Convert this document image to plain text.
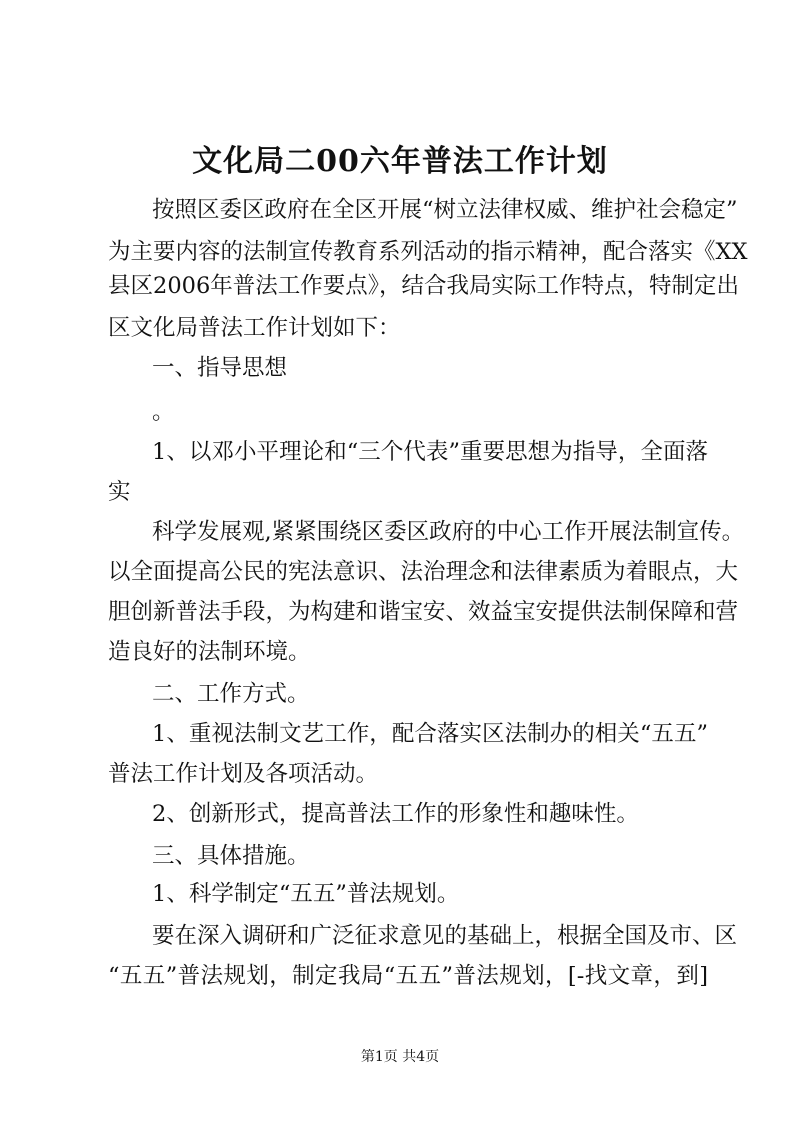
文化局二00六年普法工作计划
按照区委区政府在全区开展“树立法律权威、维护社会稳定”
为主要内容的法制宣传教育系列活动的指示精神，配合落实《XX
县区2006年普法工作要点》，结合我局实际工作特点，特制定出
区文化局普法工作计划如下：
一、指导思想
。
1、以邓小平理论和“三个代表”重要思想为指导，全面落
实
科学发展观,紧紧围绕区委区政府的中心工作开展法制宣传。
以全面提高公民的宪法意识、法治理念和法律素质为着眼点，大
胆创新普法手段，为构建和谐宝安、效益宝安提供法制保障和营
造良好的法制环境。
二、工作方式。
1、重视法制文艺工作，配合落实区法制办的相关“五五”
普法工作计划及各项活动。
2、创新形式，提高普法工作的形象性和趣味性。
三、具体措施。
1、科学制定“五五”普法规划。
要在深入调研和广泛征求意见的基础上，根据全国及市、区
“五五”普法规划，制定我局“五五”普法规划，[-找文章，到]
第1页 共4页
